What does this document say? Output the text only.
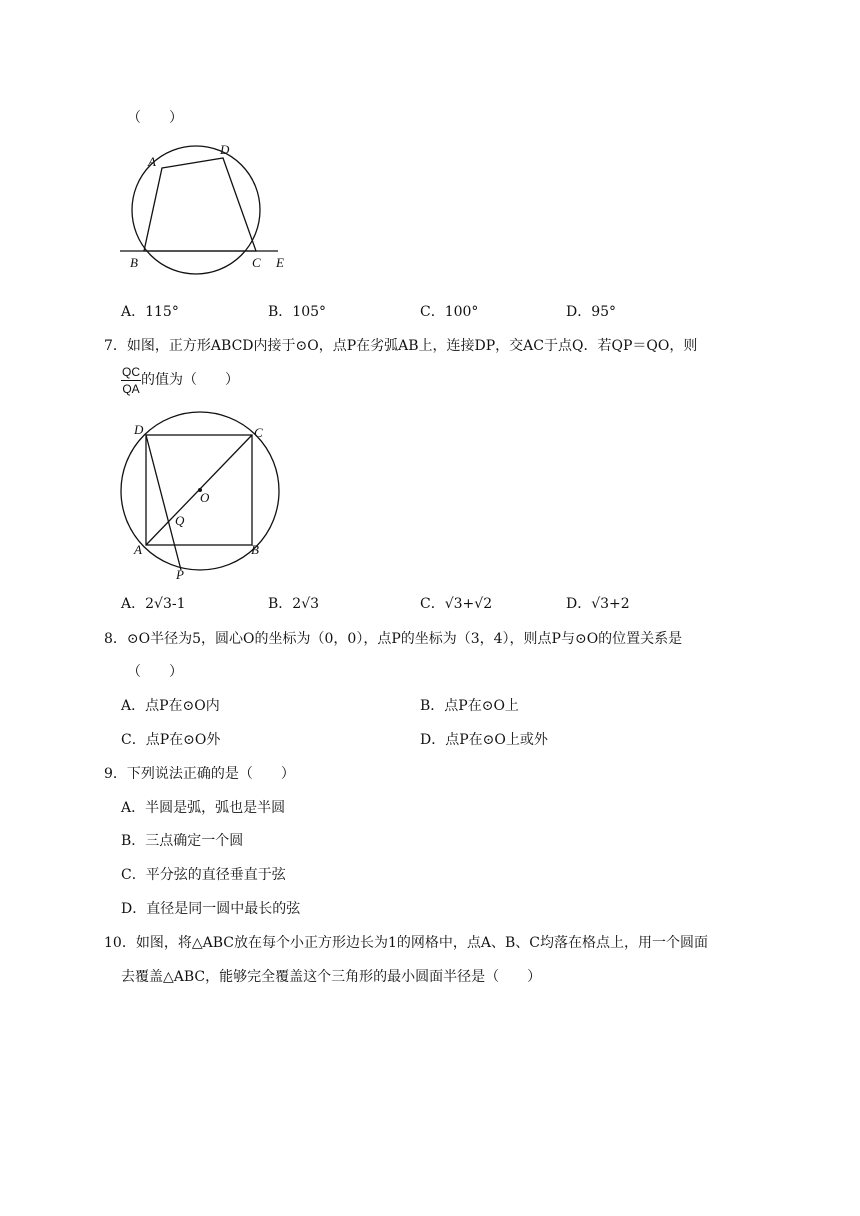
（　　）
A
D
B	C E
A．115°	B．105°	C．100°	D．95°
7．如图，正方形ABCD内接于⊙O，点P在劣弧AB上，连接DP，交AC于点Q．若QP＝QO，则
$\frac{QC}{QA}$ 的值为（　　）
D	C
O
Q
A	B
P
A．2√3-1	B．2√3	C．√3+√2	D．√3+2
8．⊙O半径为5，圆心O的坐标为（0，0），点P的坐标为（3，4），则点P与⊙O的位置关系是
（　　）
A．点P在⊙O内	B．点P在⊙O上
C．点P在⊙O外	D．点P在⊙O上或外
9．下列说法正确的是（　　）
A．半圆是弧，弧也是半圆
B．三点确定一个圆
C．平分弦的直径垂直于弦
D．直径是同一圆中最长的弦
10．如图，将△ABC放在每个小正方形边长为1的网格中，点A、B、C均落在格点上，用一个圆面
去覆盖△ABC，能够完全覆盖这个三角形的最小圆面半径是（　　）
